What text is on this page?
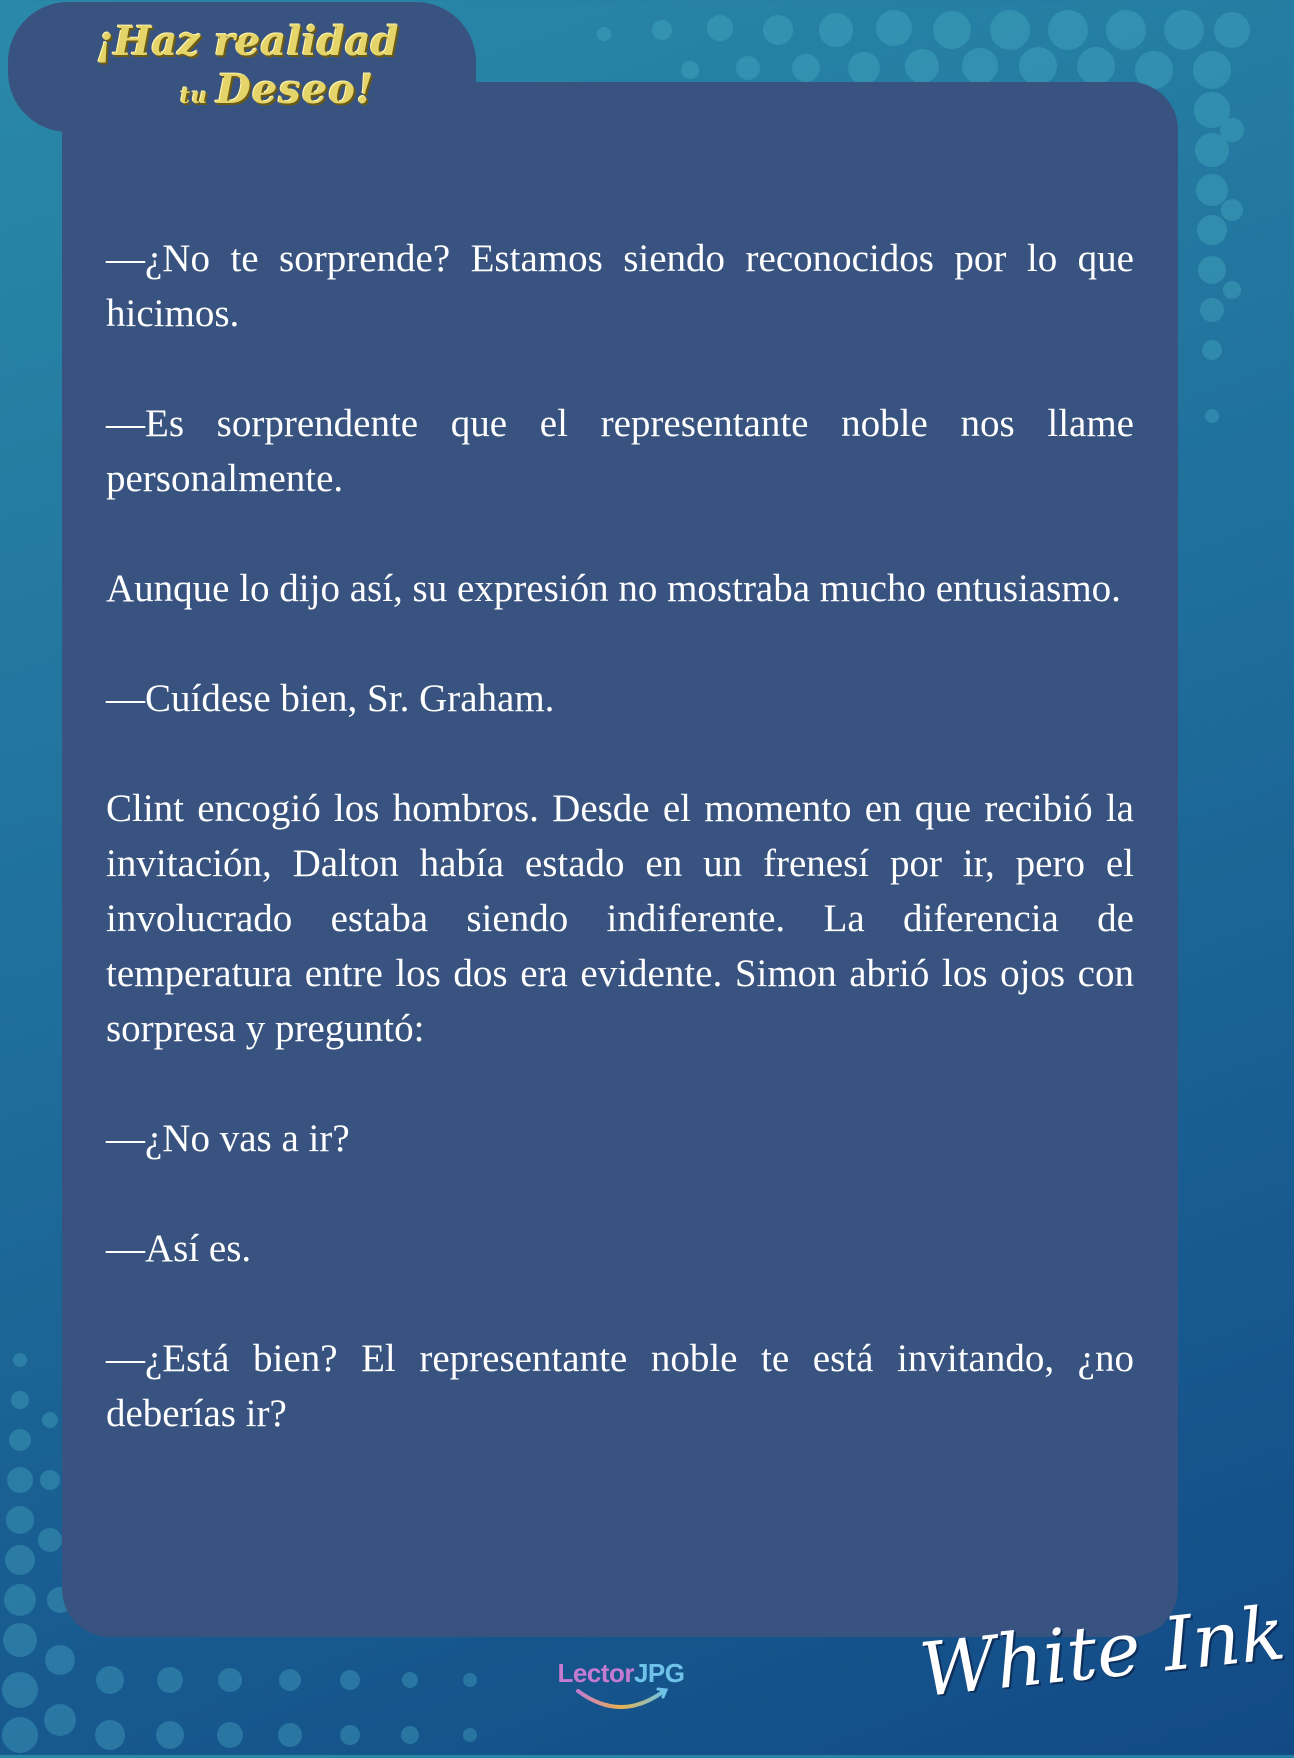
¡Haz realidad
tu Deseo!

—¿No te sorprende? Estamos siendo reconocidos por lo que hicimos.

—Es sorprendente que el representante noble nos llame personalmente.

Aunque lo dijo así, su expresión no mostraba mucho entusiasmo.

—Cuídese bien, Sr. Graham.

Clint encogió los hombros. Desde el momento en que recibió la invitación, Dalton había estado en un frenesí por ir, pero el involucrado estaba siendo indiferente. La diferencia de temperatura entre los dos era evidente. Simon abrió los ojos con sorpresa y preguntó:

—¿No vas a ir?

—Así es.

—¿Está bien? El representante noble te está invitando, ¿no deberías ir?

LectorJPG	White Ink
